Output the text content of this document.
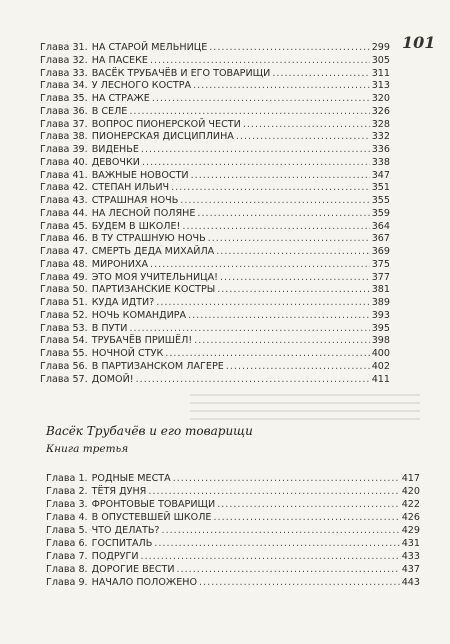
101
Глава 31. НА СТАРОЙ МЕЛЬНИЦЕ .....	299
Глава 32. НА ПАСЕКЕ .....	305
Глава 33. ВАСЁК ТРУБАЧЁВ И ЕГО ТОВАРИЩИ .....	311
Глава 34. У ЛЕСНОГО КОСТРА .....	313
Глава 35. НА СТРАЖЕ .....	320
Глава 36. В СЕЛЕ .....	326
Глава 37. ВОПРОС ПИОНЕРСКОЙ ЧЕСТИ .....	328
Глава 38. ПИОНЕРСКАЯ ДИСЦИПЛИНА .....	332
Глава 39. ВИДЕНЬЕ .....	336
Глава 40. ДЕВОЧКИ .....	338
Глава 41. ВАЖНЫЕ НОВОСТИ .....	347
Глава 42. СТЕПАН ИЛЬИЧ .....	351
Глава 43. СТРАШНАЯ НОЧЬ .....	355
Глава 44. НА ЛЕСНОЙ ПОЛЯНЕ .....	359
Глава 45. БУДЕМ В ШКОЛЕ! .....	364
Глава 46. В ТУ СТРАШНУЮ НОЧЬ .....	367
Глава 47. СМЕРТЬ ДЕДА МИХАЙЛА .....	369
Глава 48. МИРОНИХА .....	375
Глава 49. ЭТО МОЯ УЧИТЕЛЬНИЦА! .....	377
Глава 50. ПАРТИЗАНСКИЕ КОСТРЫ .....	381
Глава 51. КУДА ИДТИ? .....	389
Глава 52. НОЧЬ КОМАНДИРА .....	393
Глава 53. В ПУТИ .....	395
Глава 54. ТРУБАЧЁВ ПРИШЁЛ! .....	398
Глава 55. НОЧНОЙ СТУК .....	400
Глава 56. В ПАРТИЗАНСКОМ ЛАГЕРЕ .....	402
Глава 57. ДОМОЙ! .....	411
Васёк Трубачёв и его товарищи
Книга третья
Глава 1. РОДНЫЕ МЕСТА .....	417
Глава 2. ТЁТЯ ДУНЯ .....	420
Глава 3. ФРОНТОВЫЕ ТОВАРИЩИ .....	422
Глава 4. В ОПУСТЕВШЕЙ ШКОЛЕ .....	426
Глава 5. ЧТО ДЕЛАТЬ? .....	429
Глава 6. ГОСПИТАЛЬ .....	431
Глава 7. ПОДРУГИ .....	433
Глава 8. ДОРОГИЕ ВЕСТИ .....	437
Глава 9. НАЧАЛО ПОЛОЖЕНО .....	443
